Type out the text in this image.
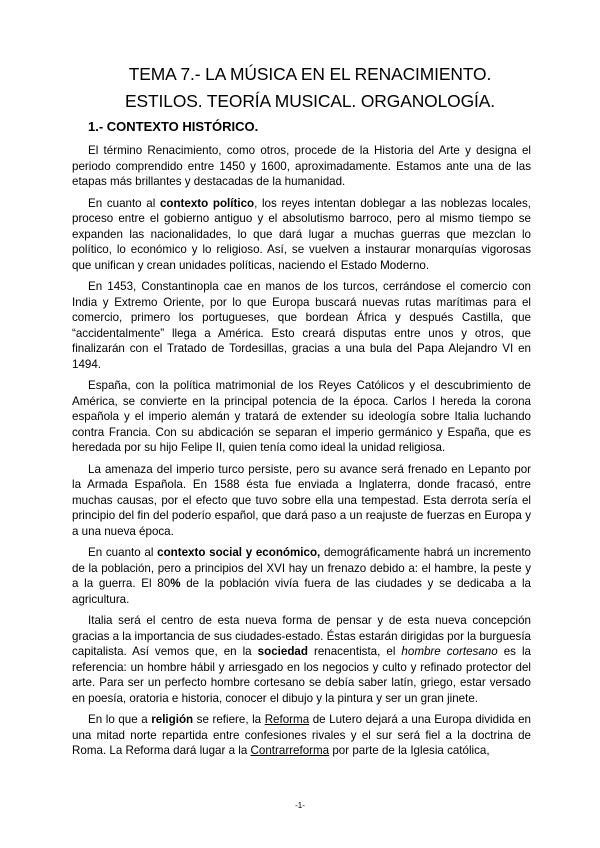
TEMA 7.- LA MÚSICA EN EL RENACIMIENTO.
ESTILOS. TEORÍA MUSICAL. ORGANOLOGÍA.
1.- CONTEXTO HISTÓRICO.

El término Renacimiento, como otros, procede de la Historia del Arte y designa el periodo comprendido entre 1450 y 1600, aproximadamente. Estamos ante una de las etapas más brillantes y destacadas de la humanidad.

En cuanto al contexto político, los reyes intentan doblegar a las noblezas locales, proceso entre el gobierno antiguo y el absolutismo barroco, pero al mismo tiempo se expanden las nacionalidades, lo que dará lugar a muchas guerras que mezclan lo político, lo económico y lo religioso. Así, se vuelven a instaurar monarquías vigorosas que unifican y crean unidades políticas, naciendo el Estado Moderno.

En 1453, Constantinopla cae en manos de los turcos, cerrándose el comercio con India y Extremo Oriente, por lo que Europa buscará nuevas rutas marítimas para el comercio, primero los portugueses, que bordean África y después Castilla, que “accidentalmente” llega a América. Esto creará disputas entre unos y otros, que finalizarán con el Tratado de Tordesillas, gracias a una bula del Papa Alejandro VI en 1494.

España, con la política matrimonial de los Reyes Católicos y el descubrimiento de América, se convierte en la principal potencia de la época. Carlos I hereda la corona española y el imperio alemán y tratará de extender su ideología sobre Italia luchando contra Francia. Con su abdicación se separan el imperio germánico y España, que es heredada por su hijo Felipe II, quien tenía como ideal la unidad religiosa.

La amenaza del imperio turco persiste, pero su avance será frenado en Lepanto por la Armada Española. En 1588 ésta fue enviada a Inglaterra, donde fracasó, entre muchas causas, por el efecto que tuvo sobre ella una tempestad. Esta derrota sería el principio del fin del poderío español, que dará paso a un reajuste de fuerzas en Europa y a una nueva época.

En cuanto al contexto social y económico, demográficamente habrá un incremento de la población, pero a principios del XVI hay un frenazo debido a: el hambre, la peste y a la guerra. El 80% de la población vivía fuera de las ciudades y se dedicaba a la agricultura.

Italia será el centro de esta nueva forma de pensar y de esta nueva concepción gracias a la importancia de sus ciudades-estado. Éstas estarán dirigidas por la burguesía capitalista. Así vemos que, en la sociedad renacentista, el hombre cortesano es la referencia: un hombre hábil y arriesgado en los negocios y culto y refinado protector del arte. Para ser un perfecto hombre cortesano se debía saber latín, griego, estar versado en poesía, oratoria e historia, conocer el dibujo y la pintura y ser un gran jinete.

En lo que a religión se refiere, la Reforma de Lutero dejará a una Europa dividida en una mitad norte repartida entre confesiones rivales y el sur será fiel a la doctrina de Roma. La Reforma dará lugar a la Contrarreforma por parte de la Iglesia católica,

-1-
